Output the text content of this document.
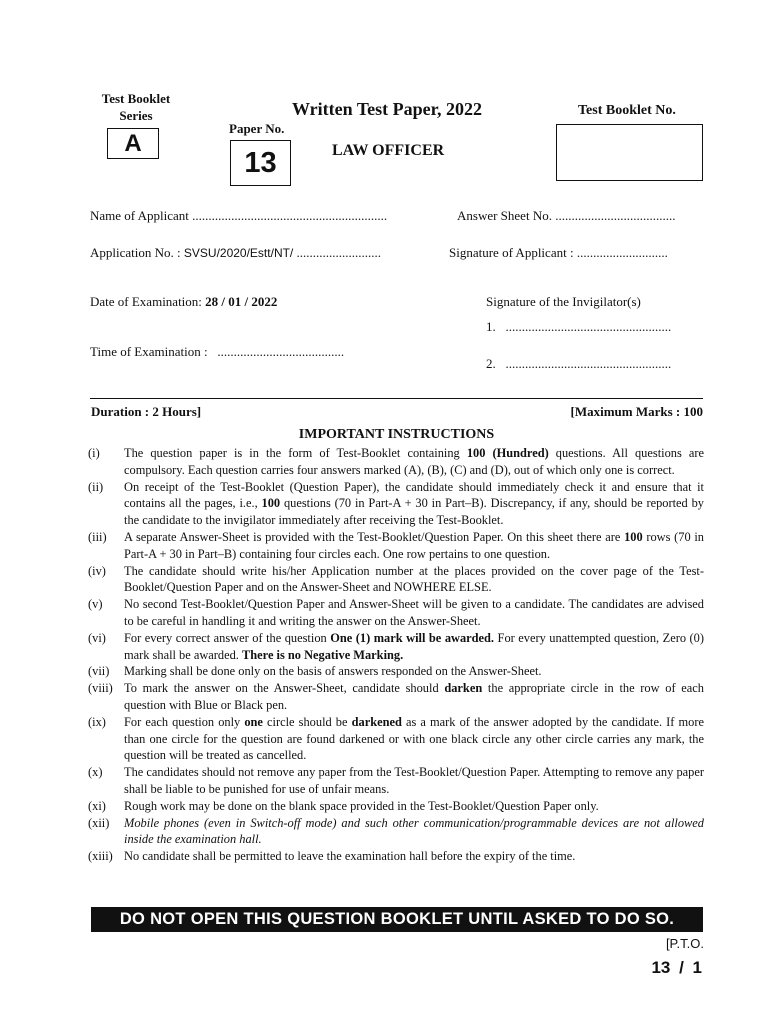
Test Booklet
Series
A
Written Test Paper, 2022
Paper No.
13	LAW OFFICER
Test Booklet No.
Name of Applicant ............................................................	Answer Sheet No. .....................................
Application No. : SVSU/2020/Estt/NT/ ..........................	Signature of Applicant : ............................
Date of Examination: 28 / 01 / 2022	Signature of the Invigilator(s)
1. ...................................................
Time of Examination : .......................................
2. ...................................................
Duration : 2 Hours]	[Maximum Marks : 100
IMPORTANT INSTRUCTIONS
(i)	The question paper is in the form of Test-Booklet containing 100 (Hundred) questions. All questions are compulsory. Each question carries four answers marked (A), (B), (C) and (D), out of which only one is correct.
(ii)	On receipt of the Test-Booklet (Question Paper), the candidate should immediately check it and ensure that it contains all the pages, i.e., 100 questions (70 in Part-A + 30 in Part–B). Discrepancy, if any, should be reported by the candidate to the invigilator immediately after receiving the Test-Booklet.
(iii)	A separate Answer-Sheet is provided with the Test-Booklet/Question Paper. On this sheet there are 100 rows (70 in Part-A + 30 in Part–B) containing four circles each. One row pertains to one question.
(iv)	The candidate should write his/her Application number at the places provided on the cover page of the Test-Booklet/Question Paper and on the Answer-Sheet and NOWHERE ELSE.
(v)	No second Test-Booklet/Question Paper and Answer-Sheet will be given to a candidate. The candidates are advised to be careful in handling it and writing the answer on the Answer-Sheet.
(vi)	For every correct answer of the question One (1) mark will be awarded. For every unattempted question, Zero (0) mark shall be awarded. There is no Negative Marking.
(vii)	Marking shall be done only on the basis of answers responded on the Answer-Sheet.
(viii) To mark the answer on the Answer-Sheet, candidate should darken the appropriate circle in the row of each question with Blue or Black pen.
(ix)	For each question only one circle should be darkened as a mark of the answer adopted by the candidate. If more than one circle for the question are found darkened or with one black circle any other circle carries any mark, the question will be treated as cancelled.
(x)	The candidates should not remove any paper from the Test-Booklet/Question Paper. Attempting to remove any paper shall be liable to be punished for use of unfair means.
(xi)	Rough work may be done on the blank space provided in the Test-Booklet/Question Paper only.
(xii)	Mobile phones (even in Switch-off mode) and such other communication/programmable devices are not allowed inside the examination hall.
(xiii) No candidate shall be permitted to leave the examination hall before the expiry of the time.
DO NOT OPEN THIS QUESTION BOOKLET UNTIL ASKED TO DO SO.
[P.T.O.
13 / 1
